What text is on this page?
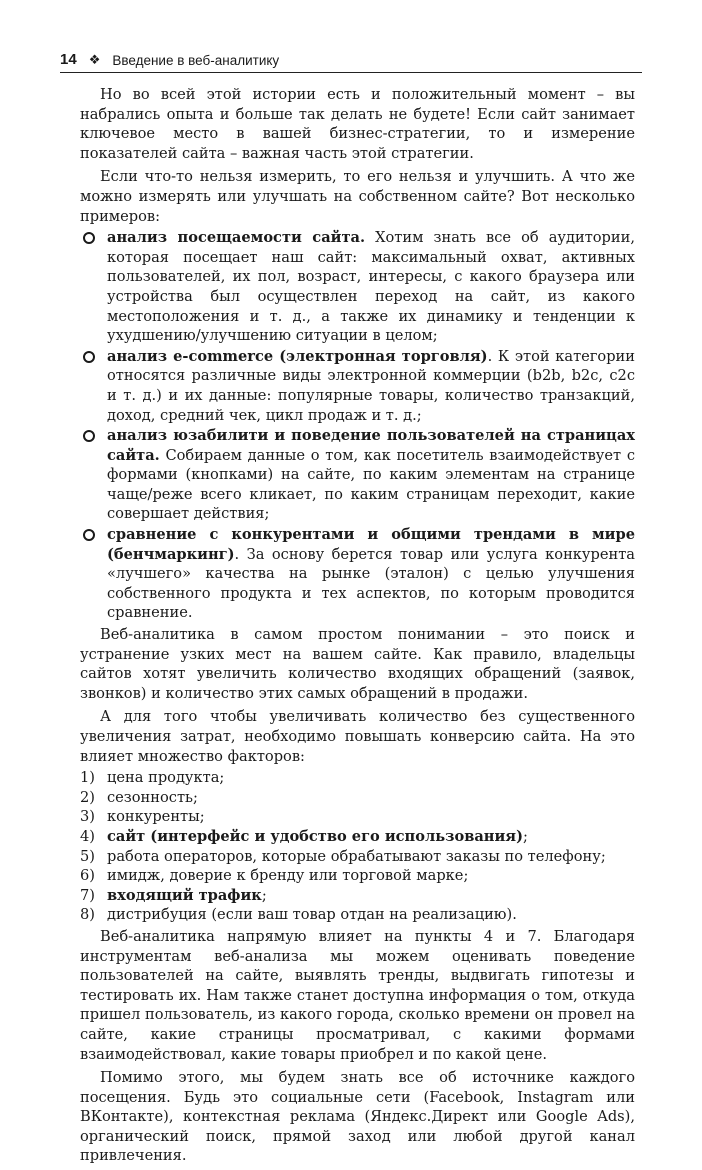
14 ❖ Введение в веб-аналитику

Но во всей этой истории есть и положительный момент – вы набрались опыта и больше так делать не будете! Если сайт занимает ключевое место в вашей бизнес-стратегии, то и измерение показателей сайта – важная часть этой стратегии.

Если что-то нельзя измерить, то его нельзя и улучшить. А что же можно измерять или улучшать на собственном сайте? Вот несколько примеров:

анализ посещаемости сайта. Хотим знать все об аудитории, которая посещает наш сайт: максимальный охват, активных пользователей, их пол, возраст, интересы, с какого браузера или устройства был осуществлен переход на сайт, из какого местоположения и т. д., а также их динамику и тенденции к ухудшению/улучшению ситуации в целом;
анализ e-commerce (электронная торговля). К этой категории относятся различные виды электронной коммерции (b2b, b2c, c2c и т. д.) и их данные: популярные товары, количество транзакций, доход, средний чек, цикл продаж и т. д.;
анализ юзабилити и поведение пользователей на страницах сайта. Собираем данные о том, как посетитель взаимодействует с формами (кнопками) на сайте, по каким элементам на странице чаще/реже всего кликает, по каким страницам переходит, какие совершает действия;
сравнение с конкурентами и общими трендами в мире (бенчмаркинг). За основу берется товар или услуга конкурента «лучшего» качества на рынке (эталон) с целью улучшения собственного продукта и тех аспектов, по которым проводится сравнение.

Веб-аналитика в самом простом понимании – это поиск и устранение узких мест на вашем сайте. Как правило, владельцы сайтов хотят увеличить количество входящих обращений (заявок, звонков) и количество этих самых обращений в продажи.

А для того чтобы увеличивать количество без существенного увеличения затрат, необходимо повышать конверсию сайта. На это влияет множество факторов:

1) цена продукта;
2) сезонность;
3) конкуренты;
4) сайт (интерфейс и удобство его использования);
5) работа операторов, которые обрабатывают заказы по телефону;
6) имидж, доверие к бренду или торговой марке;
7) входящий трафик;
8) дистрибуция (если ваш товар отдан на реализацию).

Веб-аналитика напрямую влияет на пункты 4 и 7. Благодаря инструментам веб-анализа мы можем оценивать поведение пользователей на сайте, выявлять тренды, выдвигать гипотезы и тестировать их. Нам также станет доступна информация о том, откуда пришел пользователь, из какого города, сколько времени он провел на сайте, какие страницы просматривал, с какими формами взаимодействовал, какие товары приобрел и по какой цене.

Помимо этого, мы будем знать все об источнике каждого посещения. Будь это социальные сети (Facebook, Instagram или ВКонтакте), контекстная реклама (Яндекс.Директ или Google Ads), органический поиск, прямой заход или любой другой канал привлечения.
